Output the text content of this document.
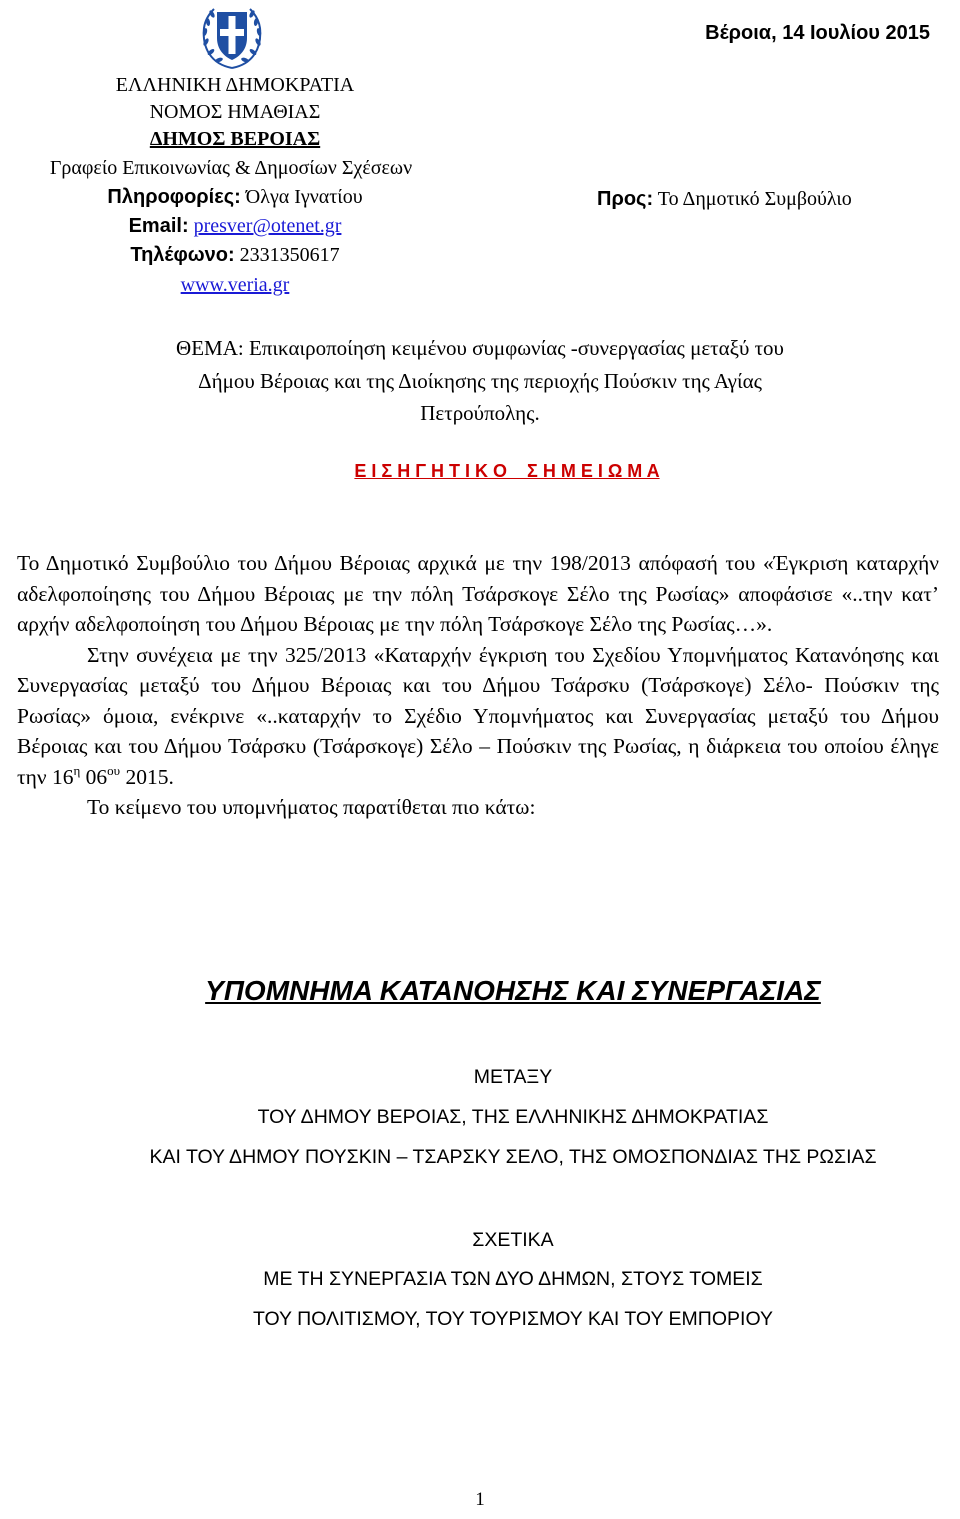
ΕΛΛΗΝΙΚΗ ΔΗΜΟΚΡΑΤΙΑ
ΝΟΜΟΣ ΗΜΑΘΙΑΣ
ΔΗΜΟΣ ΒΕΡΟΙΑΣ
Γραφείο Επικοινωνίας & Δημοσίων Σχέσεων
Πληροφορίες: Όλγα Ιγνατίου
Email: presver@otenet.gr
Τηλέφωνο: 2331350617
www.veria.gr
Βέροια, 14 Ιουλίου 2015
Προς: Το Δημοτικό Συμβούλιο
ΘΕΜΑ: Επικαιροποίηση κειμένου συμφωνίας -συνεργασίας μεταξύ του
Δήμου Βέροιας και της Διοίκησης της περιοχής Πούσκιν της Αγίας
Πετρούπολης.
Ε Ι Σ Η Γ Η Τ Ι Κ Ο    Σ Η Μ Ε Ι Ω Μ Α

Το Δημοτικό Συμβούλιο του Δήμου Βέροιας αρχικά με την 198/2013 απόφασή του «Έγκριση καταρχήν αδελφοποίησης του Δήμου Βέροιας με την πόλη Τσάρσκογε Σέλο της Ρωσίας» αποφάσισε «..την κατ’ αρχήν αδελφοποίηση του Δήμου Βέροιας με την πόλη Τσάρσκογε Σέλο της Ρωσίας…».

Στην συνέχεια με την 325/2013 «Καταρχήν έγκριση του Σχεδίου Υπομνήματος Κατανόησης και Συνεργασίας μεταξύ του Δήμου Βέροιας και του Δήμου Τσάρσκυ (Τσάρσκογε) Σέλο- Πούσκιν της Ρωσίας» όμοια, ενέκρινε «..καταρχήν το Σχέδιο Υπομνήματος και Συνεργασίας μεταξύ του Δήμου Βέροιας και του Δήμου Τσάρσκυ (Τσάρσκογε) Σέλο – Πούσκιν της Ρωσίας, η διάρκεια του οποίου έληγε την $16^\eta$ $06^{o\upsilon}$ 2015.

Το κείμενο του υπομνήματος παρατίθεται πιο κάτω:

ΥΠΟΜΝΗΜΑ ΚΑΤΑΝΟΗΣΗΣ ΚΑΙ ΣΥΝΕΡΓΑΣΙΑΣ
ΜΕΤΑΞΥ
ΤΟΥ ΔΗΜΟΥ ΒΕΡΟΙΑΣ, ΤΗΣ ΕΛΛΗΝΙΚΗΣ ΔΗΜΟΚΡΑΤΙΑΣ
ΚΑΙ ΤΟΥ ΔΗΜΟΥ ΠΟΥΣΚΙΝ – ΤΣΑΡΣΚΥ ΣΕΛΟ, ΤΗΣ ΟΜΟΣΠΟΝΔΙΑΣ ΤΗΣ ΡΩΣΙΑΣ
ΣΧΕΤΙΚΑ
ΜΕ ΤΗ ΣΥΝΕΡΓΑΣΙΑ ΤΩΝ ΔΥΟ ΔΗΜΩΝ, ΣΤΟΥΣ ΤΟΜΕΙΣ
ΤΟΥ ΠΟΛΙΤΙΣΜΟΥ, ΤΟΥ ΤΟΥΡΙΣΜΟΥ ΚΑΙ ΤΟΥ ΕΜΠΟΡΙΟΥ
1
